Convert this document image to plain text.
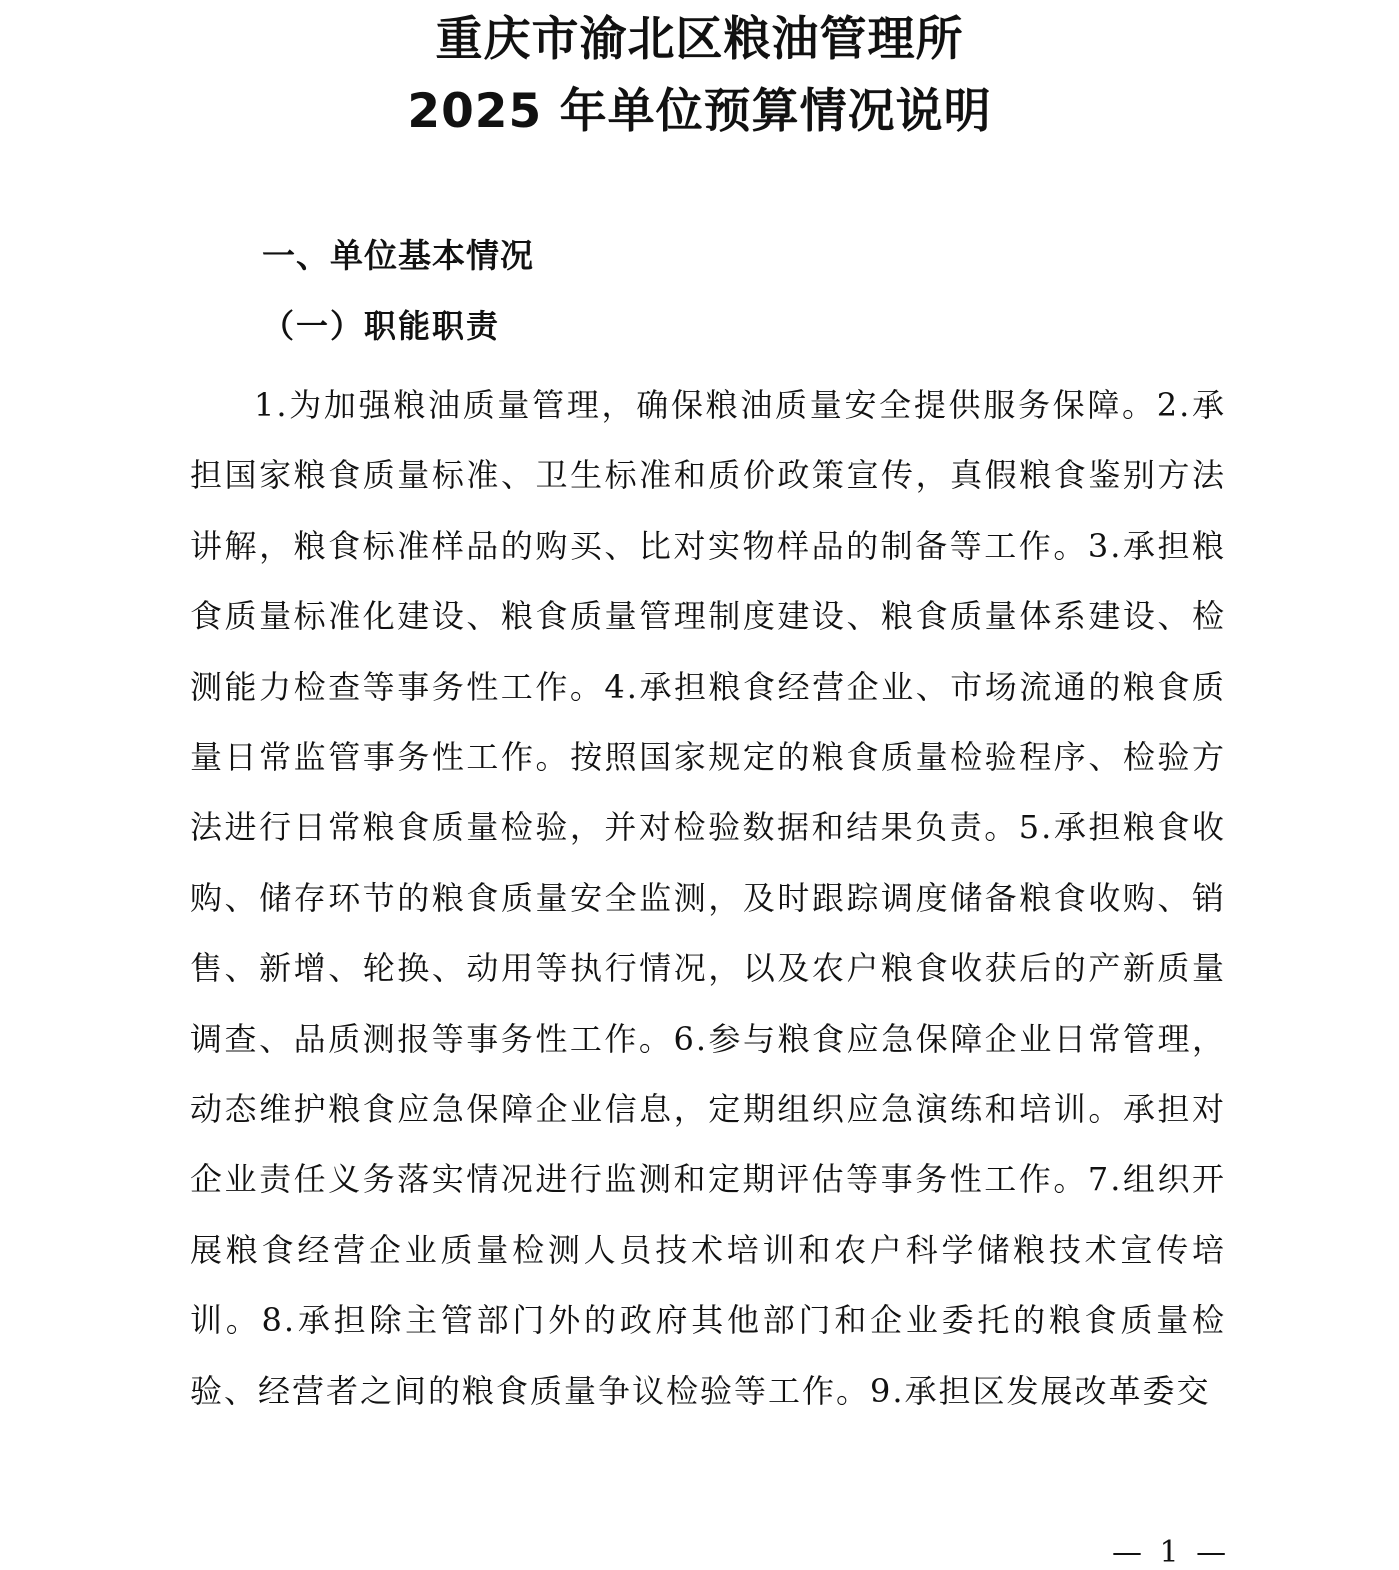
重庆市渝北区粮油管理所
2025 年单位预算情况说明
一、单位基本情况
（一）职能职责

1.为加强粮油质量管理，确保粮油质量安全提供服务保障。2.承担国家粮食质量标准、卫生标准和质价政策宣传，真假粮食鉴别方法讲解，粮食标准样品的购买、比对实物样品的制备等工作。3.承担粮食质量标准化建设、粮食质量管理制度建设、粮食质量体系建设、检测能力检查等事务性工作。4.承担粮食经营企业、市场流通的粮食质量日常监管事务性工作。按照国家规定的粮食质量检验程序、检验方法进行日常粮食质量检验，并对检验数据和结果负责。5.承担粮食收购、储存环节的粮食质量安全监测，及时跟踪调度储备粮食收购、销售、新增、轮换、动用等执行情况，以及农户粮食收获后的产新质量调查、品质测报等事务性工作。6.参与粮食应急保障企业日常管理，动态维护粮食应急保障企业信息，定期组织应急演练和培训。承担对企业责任义务落实情况进行监测和定期评估等事务性工作。7.组织开展粮食经营企业质量检测人员技术培训和农户科学储粮技术宣传培训。8.承担除主管部门外的政府其他部门和企业委托的粮食质量检验、经营者之间的粮食质量争议检验等工作。9.承担区发展改革委交

— 1 —
